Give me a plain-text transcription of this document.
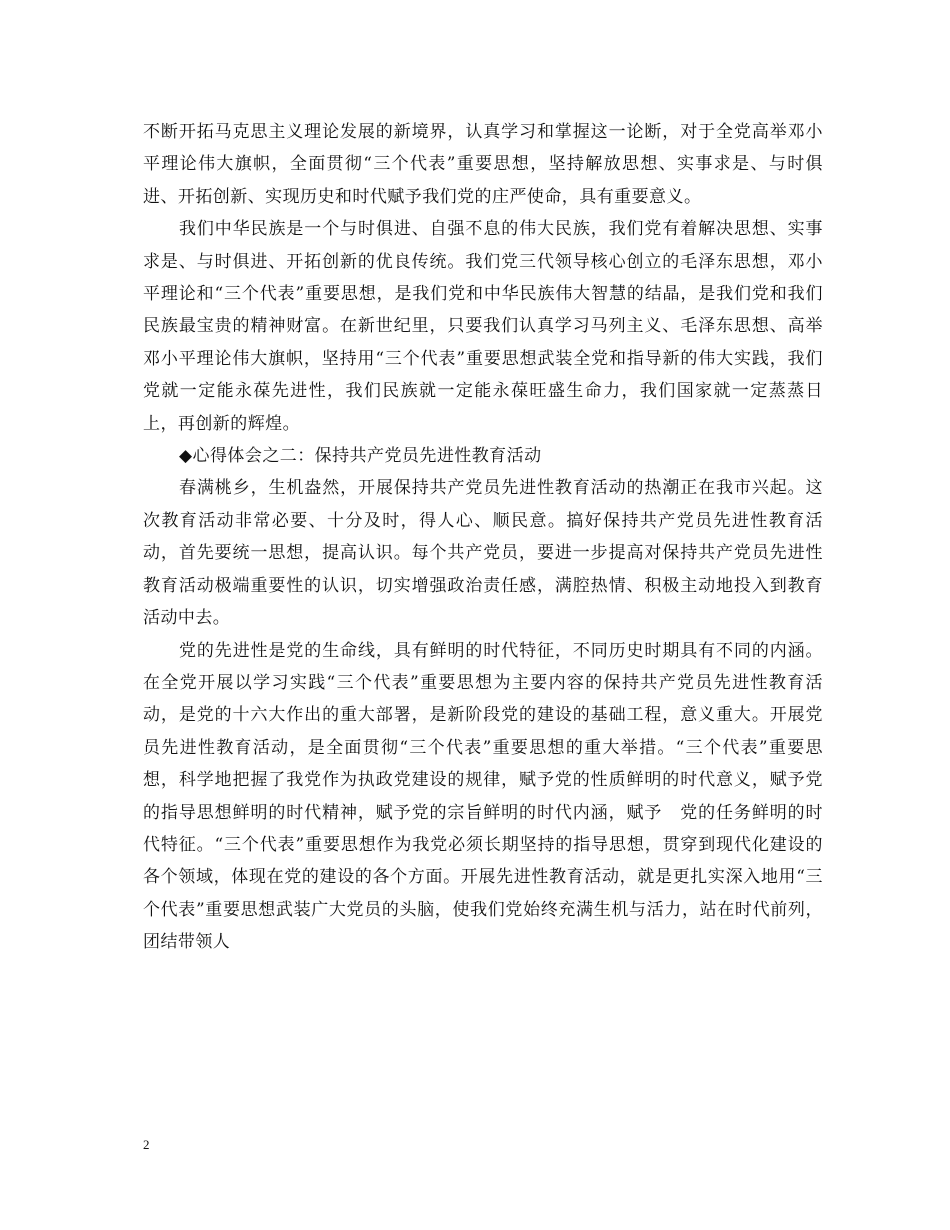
不断开拓马克思主义理论发展的新境界，认真学习和掌握这一论断，对于全党高举邓小平理论伟大旗帜，全面贯彻“三个代表”重要思想，坚持解放思想、实事求是、与时俱进、开拓创新、实现历史和时代赋予我们党的庄严使命，具有重要意义。

我们中华民族是一个与时俱进、自强不息的伟大民族，我们党有着解决思想、实事求是、与时俱进、开拓创新的优良传统。我们党三代领导核心创立的毛泽东思想，邓小平理论和“三个代表”重要思想，是我们党和中华民族伟大智慧的结晶，是我们党和我们民族最宝贵的精神财富。在新世纪里，只要我们认真学习马列主义、毛泽东思想、高举邓小平理论伟大旗帜，坚持用“三个代表”重要思想武装全党和指导新的伟大实践，我们党就一定能永葆先进性，我们民族就一定能永葆旺盛生命力，我们国家就一定蒸蒸日上，再创新的辉煌。

◆心得体会之二：保持共产党员先进性教育活动

春满桃乡，生机盎然，开展保持共产党员先进性教育活动的热潮正在我市兴起。这次教育活动非常必要、十分及时，得人心、顺民意。搞好保持共产党员先进性教育活动，首先要统一思想，提高认识。每个共产党员，要进一步提高对保持共产党员先进性教育活动极端重要性的认识，切实增强政治责任感，满腔热情、积极主动地投入到教育活动中去。

党的先进性是党的生命线，具有鲜明的时代特征，不同历史时期具有不同的内涵。在全党开展以学习实践“三个代表”重要思想为主要内容的保持共产党员先进性教育活动，是党的十六大作出的重大部署，是新阶段党的建设的基础工程，意义重大。开展党员先进性教育活动，是全面贯彻“三个代表”重要思想的重大举措。“三个代表”重要思想，科学地把握了我党作为执政党建设的规律，赋予党的性质鲜明的时代意义，赋予党的指导思想鲜明的时代精神，赋予党的宗旨鲜明的时代内涵，赋予　党的任务鲜明的时代特征。“三个代表”重要思想作为我党必须长期坚持的指导思想，贯穿到现代化建设的各个领域，体现在党的建设的各个方面。开展先进性教育活动，就是更扎实深入地用“三个代表”重要思想武装广大党员的头脑，使我们党始终充满生机与活力，站在时代前列，团结带领人

2
